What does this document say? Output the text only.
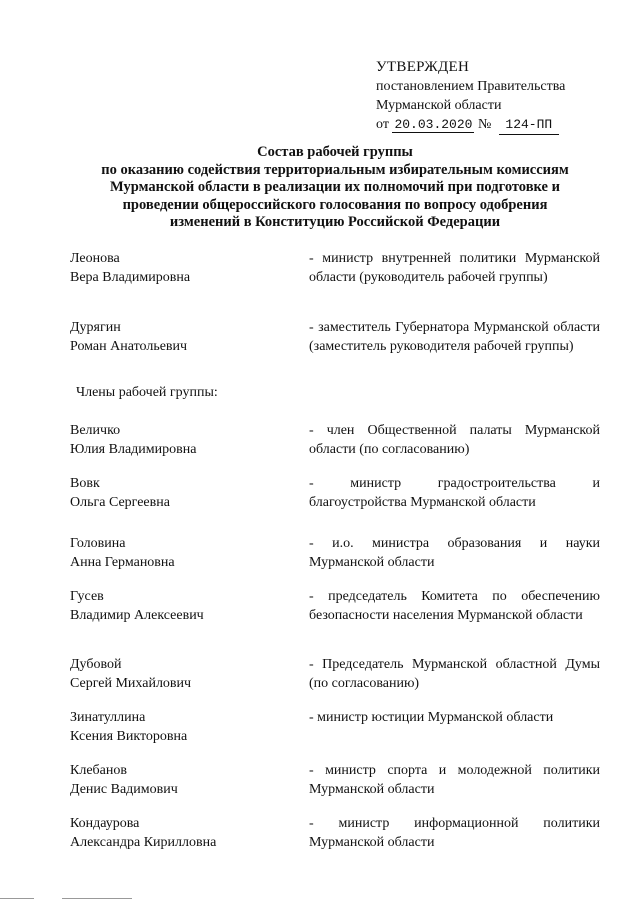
УТВЕРЖДЕН
постановлением Правительства
Мурманской области
от 20.03.2020 № 124-ПП
Состав рабочей группы
по оказанию содействия территориальным избирательным комиссиям
Мурманской области в реализации их полномочий при подготовке и
проведении общероссийского голосования по вопросу одобрения
изменений в Конституцию Российской Федерации
Леонова
Вера Владимировна
- министр внутренней политики Мурманской области (руководитель рабочей группы)
Дурягин
Роман Анатольевич
- заместитель Губернатора Мурманской области (заместитель руководителя рабочей группы)
Члены рабочей группы:
Величко
Юлия Владимировна
- член Общественной палаты Мурманской области (по согласованию)
Вовк
Ольга Сергеевна
- министр градостроительства и благоустройства Мурманской области
Головина
Анна Германовна
- и.о. министра образования и науки Мурманской области
Гусев
Владимир Алексеевич
- председатель Комитета по обеспечению безопасности населения Мурманской области
Дубовой
Сергей Михайлович
- Председатель Мурманской областной Думы (по согласованию)
Зинатуллина
Ксения Викторовна
- министр юстиции Мурманской области
Клебанов
Денис Вадимович
- министр спорта и молодежной политики Мурманской области
Кондаурова
Александра Кирилловна
- министр информационной политики Мурманской области
